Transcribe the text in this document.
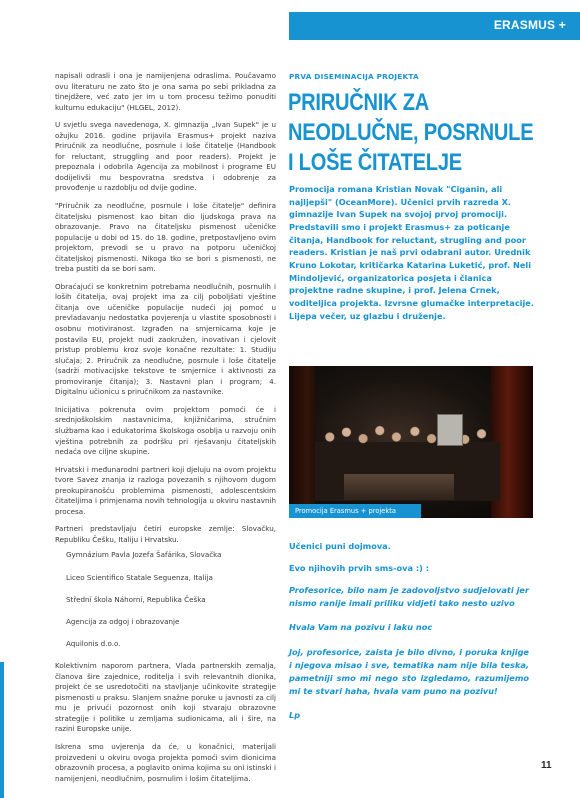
ERASMUS +

napisali odrasli i ona je namijenjena odraslima. Poučavamo ovu literaturu ne zato što je ona sama po sebi prikladna za tinejdžere, već zato jer im u tom procesu težimo ponuditi kulturnu edukaciju" (HLGEL, 2012).

U svjetlu svega navedenoga, X. gimnazija „Ivan Supek" je u ožujku 2016. godine prijavila Erasmus+ projekt naziva Priručnik za neodlučne, posrnule i loše čitatelje (Handbook for reluctant, struggling and poor readers). Projekt je prepoznala i odobrila Agencija za mobilnost i programe EU dodijelivši mu bespovratna sredstva i odobrenje za provođenje u razdoblju od dvije godine.

"Priručnik za neodlučne, posrnule i loše čitatelje" definira čitateljsku pismenost kao bitan dio ljudskoga prava na obrazovanje. Pravo na čitateljsku pismenost učeničke populacije u dobi od 15. do 18. godine, pretpostavljeno ovim projektom, prevodi se u pravo na potporu učeničkoj čitateljskoj pismenosti. Nikoga tko se bori s pismenosti, ne treba pustiti da se bori sam.

Obraćajući se konkretnim potrebama neodlučnih, posrnulih i loših čitatelja, ovaj projekt ima za cilj poboljšati vještine čitanja ove učeničke populacije nudeći joj pomoć u prevladavanju nedostatka povjerenja u vlastite sposobnosti i osobnu motiviranost. Izgrađen na smjernicama koje je postavila EU, projekt nudi zaokružen, inovativan i cjelovit pristup problemu kroz svoje konačne rezultate: 1. Studiju slučaja; 2. Priručnik za neodlučne, posrnule i loše čitatelje (sadrži motivacijske tekstove te smjernice i aktivnosti za promoviranje čitanja); 3. Nastavni plan i program; 4. Digitalnu učionicu s priručnikom za nastavnike.

Inicijativa pokrenuta ovim projektom pomoći će i srednjoškolskim nastavnicima, knjižničarima, stručnim službama kao i edukatorima školskoga osoblja u razvoju onih vještina potrebnih za podršku pri rješavanju čitateljskih nedaća ove ciljne skupine.

Hrvatski i međunarodni partneri koji djeluju na ovom projektu tvore Savez znanja iz razloga povezanih s njihovom dugom preokupiranošću problemima pismenosti, adolescentskim čitateljima i primjenama novih tehnologija u okviru nastavnih procesa.

Partneri predstavljaju četiri europske zemlje: Slovačku, Republiku Češku, Italiju i Hrvatsku.

Gymnázium Pavla Jozefa Šafárika, Slovačka
Liceo Scientifico Statale Seguenza, Italija
Střední škola Náhorní, Republika Češka
Agencija za odgoj i obrazovanje
Aquilonis d.o.o.

Kolektivnim naporom partnera, Vlada partnerskih zemalja, članova šire zajednice, roditelja i svih relevantnih dionika, projekt će se usredotočiti na stavljanje učinkovite strategije pismenosti u praksu. Slanjem snažne poruke u javnosti za cilj mu je privući pozornost onih koji stvaraju obrazovne strategije i politike u zemljama sudionicama, ali i šire, na razini Europske unije.

Iskrena smo uvjerenja da će, u konačnici, materijali proizvedeni u okviru ovoga projekta pomoći svim dionicima obrazovnih procesa, a poglavito onima kojima su oni istinski i namijenjeni, neodlučnim, posrnulim i lošim čitateljima.

PRVA DISEMINACIJA PROJEKTA
PRIRUČNIK ZA NEODLUČNE, POSRNULE I LOŠE ČITATELJE

Promocija romana Kristian Novak "Ciganin, ali najljepši" (OceanMore). Učenici prvih razreda X. gimnazije Ivan Supek na svojoj prvoj promociji. Predstavili smo i projekt Erasmus+ za poticanje čitanja, Handbook for reluctant, strugling and poor readers. Kristian je naš prvi odabrani autor. Urednik Kruno Lokotar, kritičarka Katarina Luketić, prof. Neli Mindoljević, organizatorica posjeta i članica projektne radne skupine, i prof. Jelena Crnek, voditeljica projekta. Izvrsne glumačke interpretacije. Lijepa večer, uz glazbu i druženje.

Promocija Erasmus + projekta

Učenici puni dojmova.

Evo njihovih prvih sms-ova :) :

Profesorice, bilo nam je zadovoljstvo sudjelovati jer nismo ranije imali priliku vidjeti tako nesto uzivo

Hvala Vam na pozivu i laku noc

Joj, profesorice, zaista je bilo divno, i poruka knjige i njegova misao i sve, tematika nam nije bila teska, pametniji smo mi nego sto izgledamo, razumijemo mi te stvari haha, hvala vam puno na pozivu!

Lp

11
